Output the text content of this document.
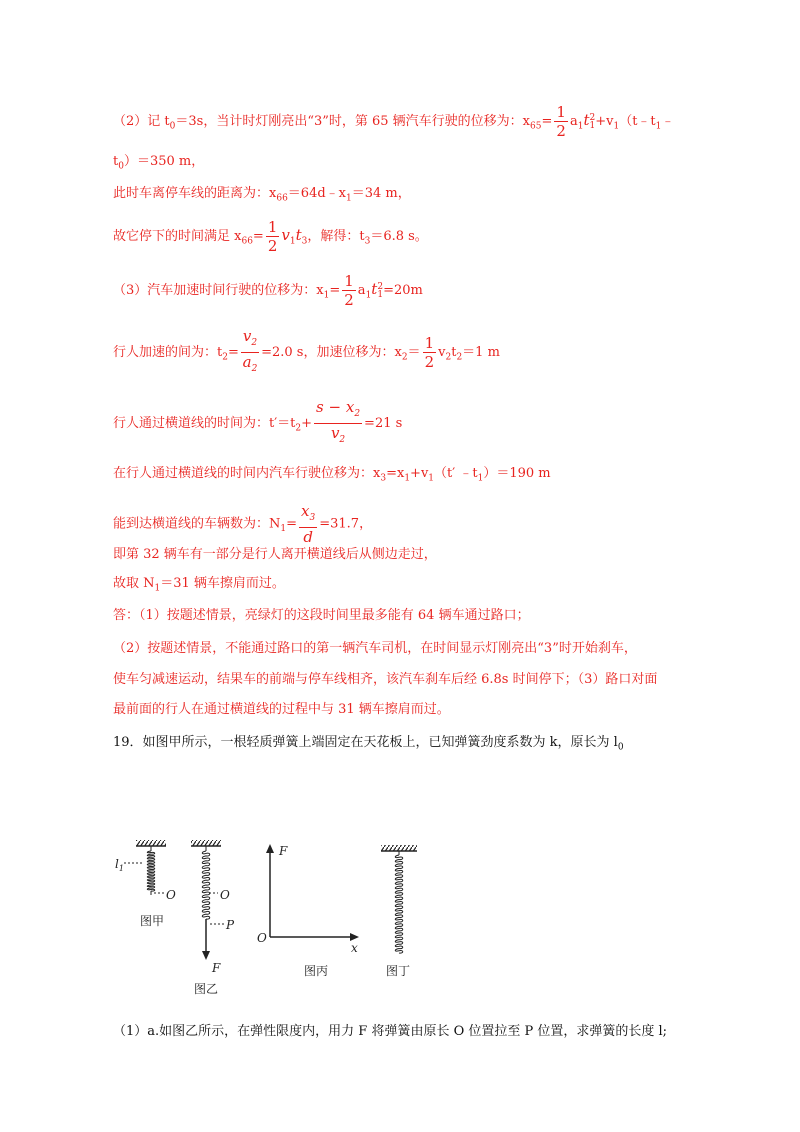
（2）记 $t_0=3s$，当计时灯刚亮出“3”时，第 65 辆汽车行驶的位移为：$x_{65}= \frac{1}{2} a_1t2$
$1+v_1(t﹣t_1﹣$
$t_0)=350$ m，
此时车离停车线的距离为：$x_{66}=64d﹣x_1=34$ m，
故它停下的时间满足 $x_{66}= \frac{1}{2} v_1t_3$，解得：$t_3=6.8$ s。
（3）汽车加速时间行驶的位移为：$x_1= \frac{1}{2} a_1t2$
1=20m
行人加速的间为：$t_2= \frac{v_2}{a_2} =2.0$ s，加速位移为：$x_2= \frac{1}{2} v_2t_2=1$ m
行人通过横道线的时间为：$t'=t_2+ \frac{s - x_2}{v_2} =21$ s
在行人通过横道线的时间内汽车行驶位移为：$x_3=x_1+v_1(t'$ $﹣t_1)=190$ m
能到达横道线的车辆数为：$N_1= \frac{x_3}{d} =31.7$，
即第 32 辆车有一部分是行人离开横道线后从侧边走过，
故取 $N_1=31$ 辆车擦肩而过。
答：（1）按题述情景，亮绿灯的这段时间里最多能有 64 辆车通过路口；
（2）按题述情景，不能通过路口的第一辆汽车司机，在时间显示灯刚亮出“3”时开始刹车，
使车匀减速运动，结果车的前端与停车线相齐，该汽车刹车后经 6.8s 时间停下；（3）路口对面
最前面的行人在通过横道线的过程中与 31 辆车擦肩而过。
19．如图甲所示，一根轻质弹簧上端固定在天花板上，已知弹簧劲度系数为 k，原长为 $l_0$
$l_1$
O
图甲
O
P
F
图乙
F
O
x
图丙	图丁
（1）a.如图乙所示，在弹性限度内，用力 F 将弹簧由原长 O 位置拉至 P 位置，求弹簧的长度 l;
